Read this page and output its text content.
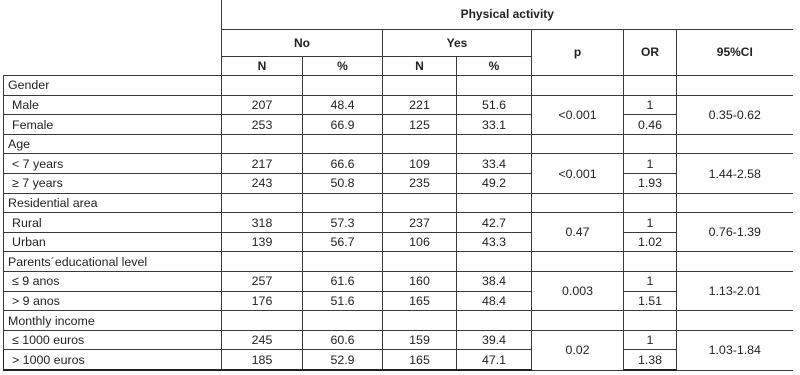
	Physical activity						
	No		Yes		p	OR	95%CI
	N	%	N	%			
Gender							
Male	207	48.4	221	51.6	<0.001	1	0.35-0.62
Female	253	66.9	125	33.1		0.46	
Age							
< 7 years	217	66.6	109	33.4	<0.001	1	1.44-2.58
≥ 7 years	243	50.8	235	49.2		1.93	
Residential area							
Rural	318	57.3	237	42.7	0.47	1	0.76-1.39
Urban	139	56.7	106	43.3		1.02	
Parents´educational level							
≤ 9 anos	257	61.6	160	38.4	0.003	1	1.13-2.01
> 9 anos	176	51.6	165	48.4		1.51	
Monthly income							
≤ 1000 euros	245	60.6	159	39.4	0.02	1	1.03-1.84
> 1000 euros	185	52.9	165	47.1		1.38	
